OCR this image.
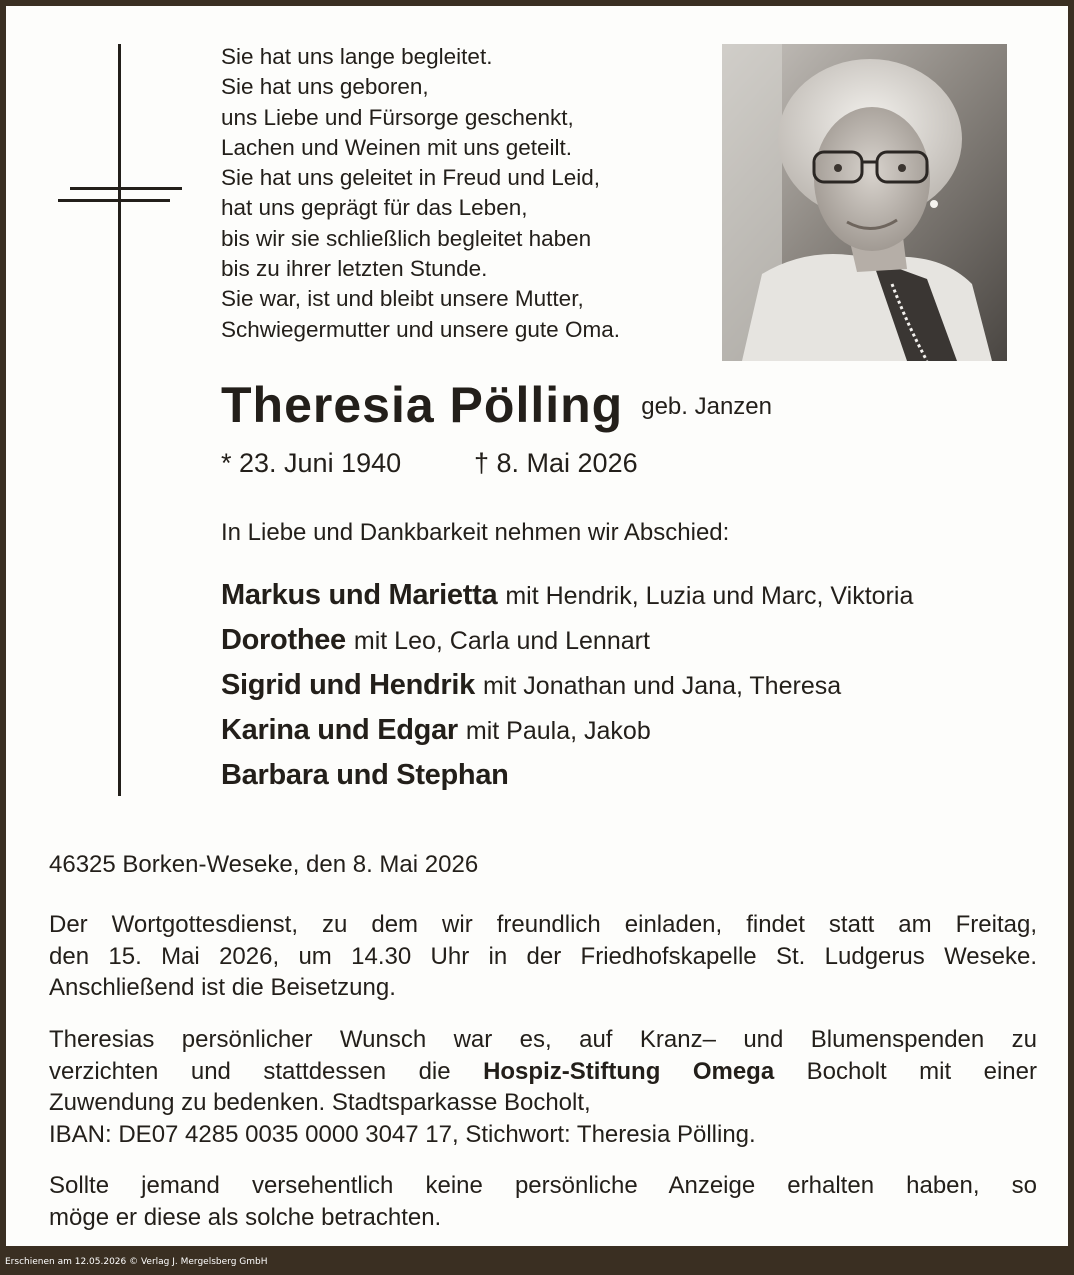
Sie hat uns lange begleitet.
Sie hat uns geboren,
uns Liebe und Fürsorge geschenkt,
Lachen und Weinen mit uns geteilt.
Sie hat uns geleitet in Freud und Leid,
hat uns geprägt für das Leben,
bis wir sie schließlich begleitet haben
bis zu ihrer letzten Stunde.
Sie war, ist und bleibt unsere Mutter,
Schwiegermutter und unsere gute Oma.
Theresia Pölling geb. Janzen
* 23. Juni 1940	† 8. Mai 2026
In Liebe und Dankbarkeit nehmen wir Abschied:
Markus und Marietta mit Hendrik, Luzia und Marc, Viktoria
Dorothee mit Leo, Carla und Lennart
Sigrid und Hendrik mit Jonathan und Jana, Theresa
Karina und Edgar mit Paula, Jakob
Barbara und Stephan
46325 Borken-Weseke, den 8. Mai 2026
Der Wortgottesdienst, zu dem wir freundlich einladen, findet statt am Freitag,
den 15. Mai 2026, um 14.30 Uhr in der Friedhofskapelle St. Ludgerus Weseke.
Anschließend ist die Beisetzung.
Theresias persönlicher Wunsch war es, auf Kranz– und Blumenspenden zu
verzichten und stattdessen die Hospiz-Stiftung Omega Bocholt mit einer
Zuwendung zu bedenken. Stadtsparkasse Bocholt,
IBAN: DE07 4285 0035 0000 3047 17, Stichwort: Theresia Pölling.
Sollte jemand versehentlich keine persönliche Anzeige erhalten haben, so
möge er diese als solche betrachten.
Erschienen am 12.05.2026 © Verlag J. Mergelsberg GmbH
